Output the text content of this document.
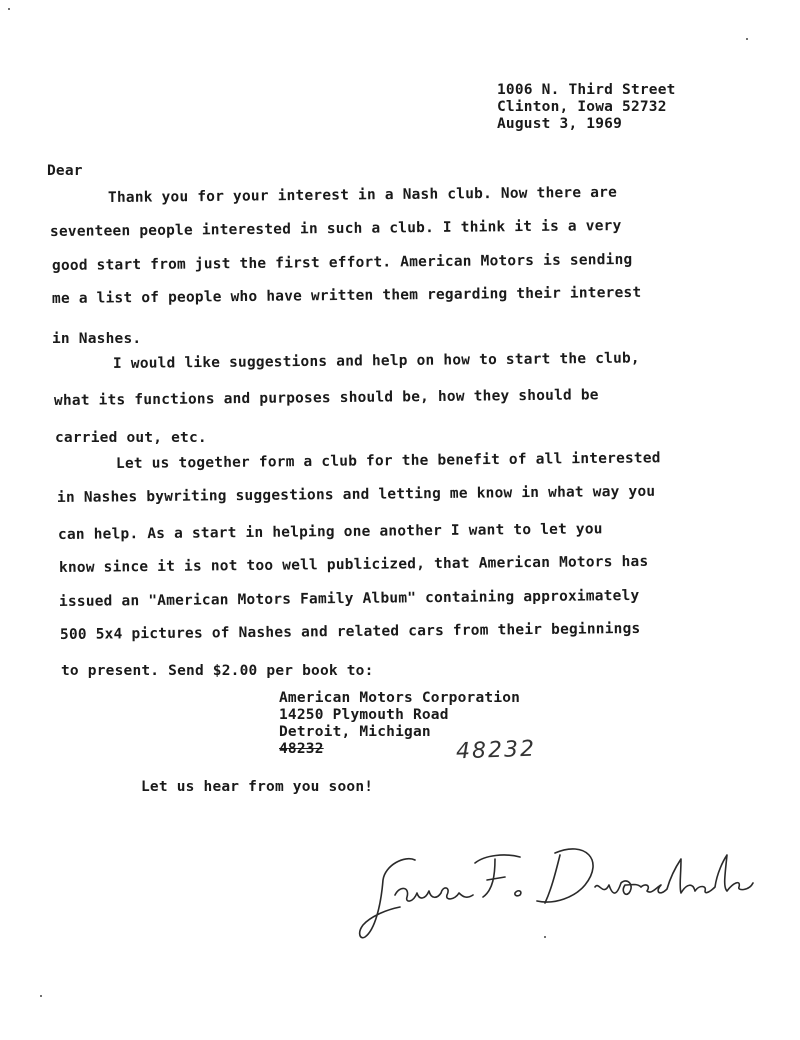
1006 N. Third Street
Clinton, Iowa 52732
August 3, 1969
Dear
Thank you for your interest in a Nash club. Now there are
seventeen people interested in such a club. I think it is a very
good start from just the first effort. American Motors is sending
me a list of people who have written them regarding their interest
in Nashes.
I would like suggestions and help on how to start the club,
what its functions and purposes should be, how they should be
carried out, etc.
Let us together form a club for the benefit of all interested
in Nashes bywriting suggestions and letting me know in what way you
can help. As a start in helping one another I want to let you
know since it is not too well publicized, that American Motors has
issued an "American Motors Family Album" containing approximately
500 5x4 pictures of Nashes and related cars from their beginnings
to present. Send $2.00 per book to:
American Motors Corporation
14250 Plymouth Road
Detroit, Michigan
48232	48232
Let us hear from you soon!
